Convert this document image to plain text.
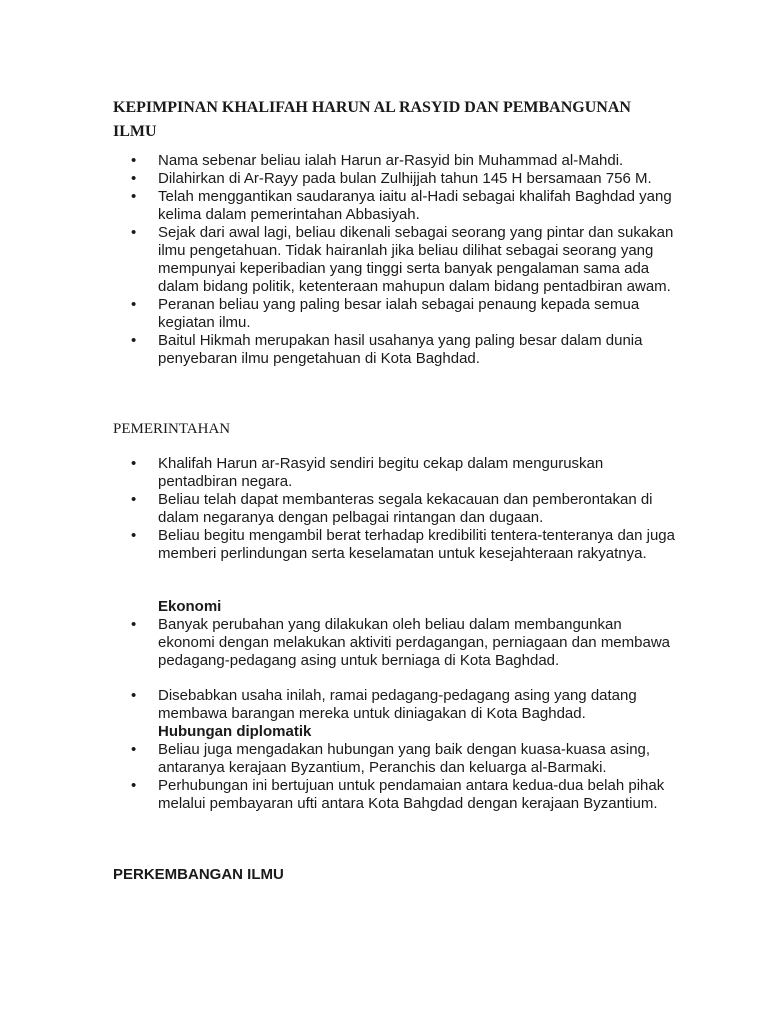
KEPIMPINAN KHALIFAH HARUN AL RASYID DAN PEMBANGUNAN ILMU
• Nama sebenar beliau ialah Harun ar-Rasyid bin Muhammad al-Mahdi.
• Dilahirkan di Ar-Rayy pada bulan Zulhijjah tahun 145 H bersamaan 756 M.
• Telah menggantikan saudaranya iaitu al-Hadi sebagai khalifah Baghdad yang kelima dalam pemerintahan Abbasiyah.
• Sejak dari awal lagi, beliau dikenali sebagai seorang yang pintar dan sukakan ilmu pengetahuan. Tidak hairanlah jika beliau dilihat sebagai seorang yang mempunyai keperibadian yang tinggi serta banyak pengalaman sama ada dalam bidang politik, ketenteraan mahupun dalam bidang pentadbiran awam.
• Peranan beliau yang paling besar ialah sebagai penaung kepada semua kegiatan ilmu.
• Baitul Hikmah merupakan hasil usahanya yang paling besar dalam dunia penyebaran ilmu pengetahuan di Kota Baghdad.
PEMERINTAHAN
• Khalifah Harun ar-Rasyid sendiri begitu cekap dalam menguruskan pentadbiran negara.
• Beliau telah dapat membanteras segala kekacauan dan pemberontakan di dalam negaranya dengan pelbagai rintangan dan dugaan.
• Beliau begitu mengambil berat terhadap kredibiliti tentera-tenteranya dan juga memberi perlindungan serta keselamatan untuk kesejahteraan rakyatnya.
Ekonomi
• Banyak perubahan yang dilakukan oleh beliau dalam membangunkan ekonomi dengan melakukan aktiviti perdagangan, perniagaan dan membawa pedagang-pedagang asing untuk berniaga di Kota Baghdad.
• Disebabkan usaha inilah, ramai pedagang-pedagang asing yang datang membawa barangan mereka untuk diniagakan di Kota Baghdad.
Hubungan diplomatik
• Beliau juga mengadakan hubungan yang baik dengan kuasa-kuasa asing, antaranya kerajaan Byzantium, Peranchis dan keluarga al-Barmaki.
• Perhubungan ini bertujuan untuk pendamaian antara kedua-dua belah pihak melalui pembayaran ufti antara Kota Bahgdad dengan kerajaan Byzantium.
PERKEMBANGAN ILMU
